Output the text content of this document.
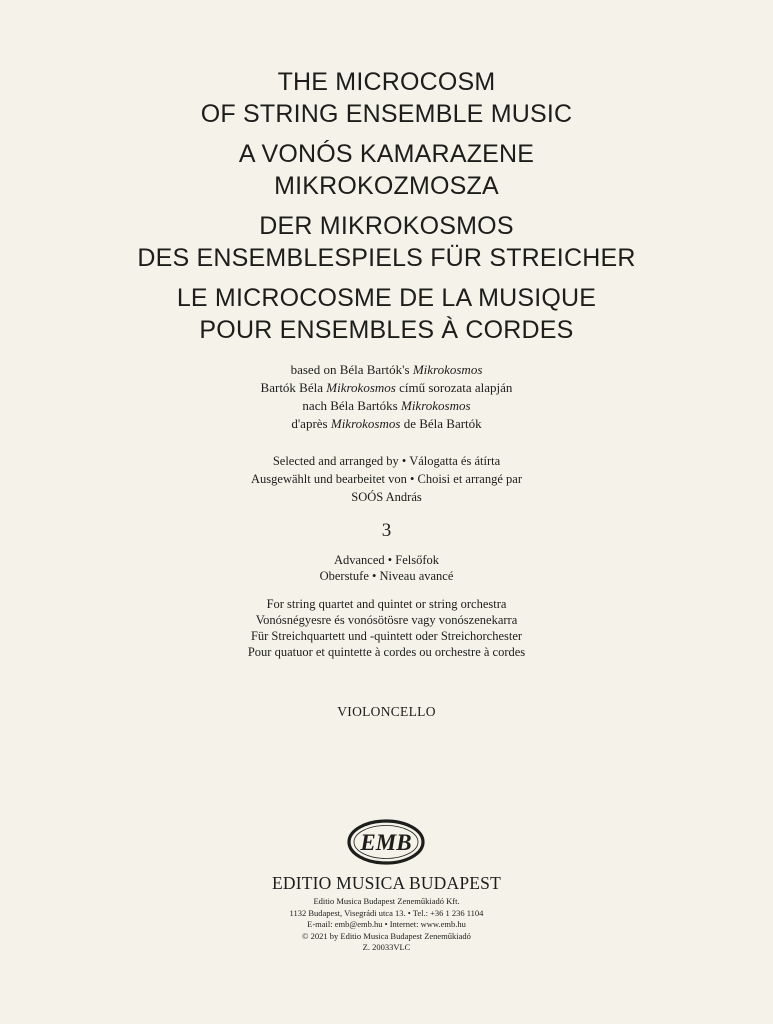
THE MICROCOSM
OF STRING ENSEMBLE MUSIC
A VONÓS KAMARAZENE
MIKROKOZMOSZA
DER MIKROKOSMOS
DES ENSEMBLESPIELS FÜR STREICHER
LE MICROCOSME DE LA MUSIQUE
POUR ENSEMBLES À CORDES
based on Béla Bartók's Mikrokosmos
Bartók Béla Mikrokosmos című sorozata alapján
nach Béla Bartóks Mikrokosmos
d'après Mikrokosmos de Béla Bartók
Selected and arranged by • Válogatta és átírta
Ausgewählt und bearbeitet von • Choisi et arrangé par
SOÓS András
3
Advanced • Felsőfok
Oberstufe • Niveau avancé
For string quartet and quintet or string orchestra
Vonósnégyesre és vonósötösre vagy vonószenekarra
Für Streichquartett und -quintett oder Streichorchester
Pour quatuor et quintette à cordes ou orchestre à cordes
VIOLONCELLO
EMB
EDITIO MUSICA BUDAPEST
Editio Musica Budapest Zeneműkiadó Kft.
1132 Budapest, Visegrádi utca 13. • Tel.: +36 1 236 1104
E-mail: emb@emb.hu • Internet: www.emb.hu
© 2021 by Editio Musica Budapest Zeneműkiadó
Z. 20033VLC
